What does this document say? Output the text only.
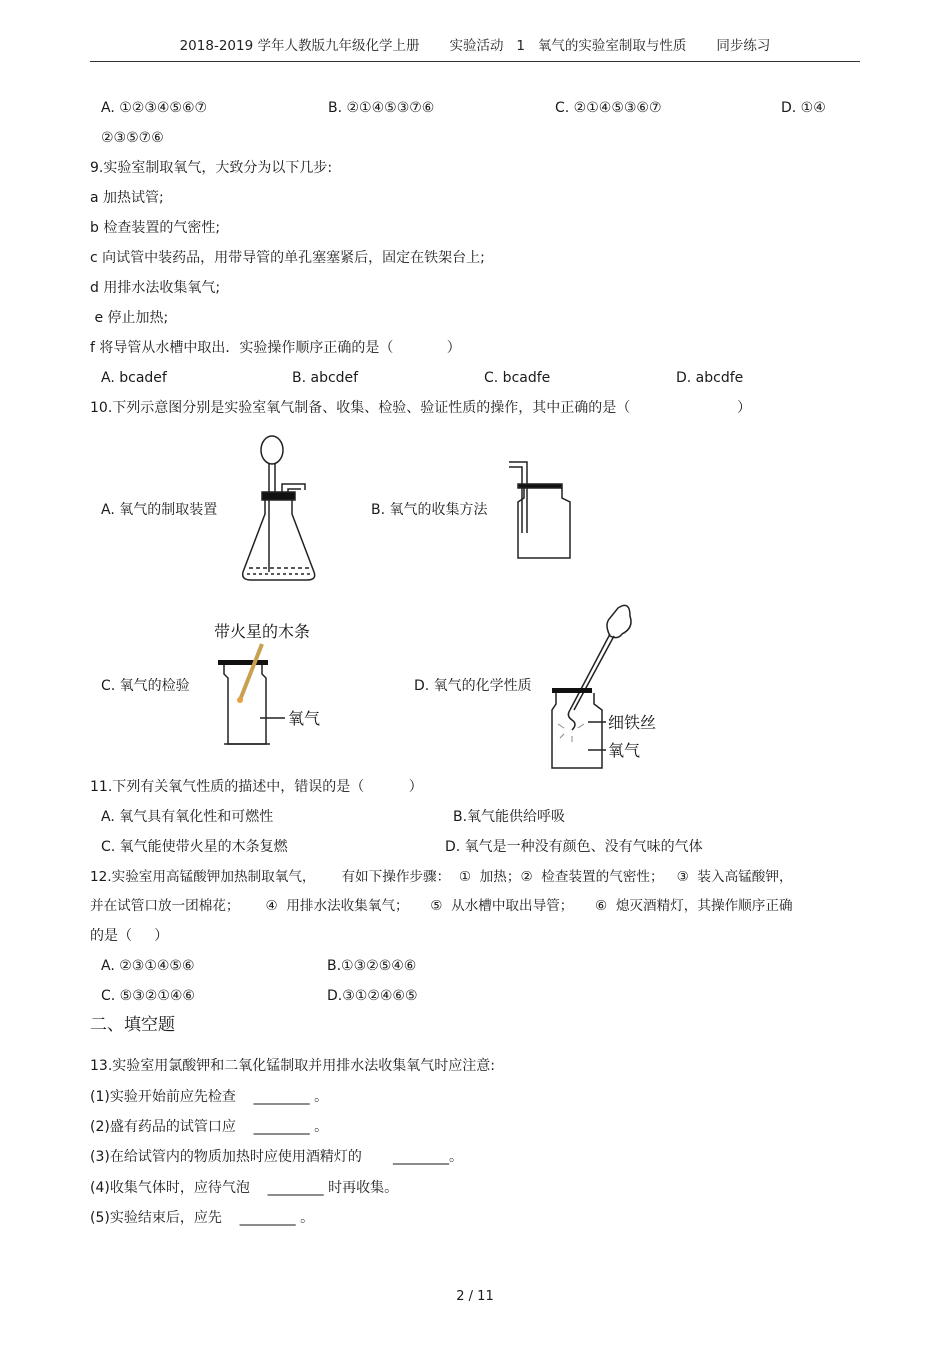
2018-2019 学年人教版九年级化学上册       实验活动   1   氧气的实验室制取与性质       同步练习
A. ①②③④⑤⑥⑦	B. ②①④⑤③⑦⑥	C. ②①④⑤③⑥⑦	D. ①④
②③⑤⑦⑥
9.实验室制取氧气，大致分为以下几步:
a 加热试管;
b 检查装置的气密性;
c 向试管中装药品，用带导管的单孔塞塞紧后，固定在铁架台上;
d 用排水法收集氧气;
e 停止加热;
f 将导管从水槽中取出．实验操作顺序正确的是（            ）
A. bcadef	B. abcdef	C. bcadfe	D. abcdfe
10.下列示意图分别是实验室氧气制备、收集、检验、验证性质的操作，其中正确的是（                        ）
A. 氧气的制取装置	B. 氧气的收集方法
C. 氧气的检验	D. 氧气的化学性质
带火星的木条
氧气	细铁丝
氧气
11.下列有关氧气性质的描述中，错误的是（          ）
A. 氧气具有氧化性和可燃性	B.氧气能供给呼吸
C. 氧气能使带火星的木条复燃	D. 氧气是一种没有颜色、没有气味的气体
12.实验室用高锰酸钾加热制取氧气，      有如下操作步骤：  ①  加热；②  检查装置的气密性；   ③  装入高锰酸钾，
并在试管口放一团棉花；      ④  用排水法收集氧气；     ⑤  从水槽中取出导管；     ⑥  熄灭酒精灯，其操作顺序正确
的是（     ）
A. ②③①④⑤⑥	B.①③②⑤④⑥
C. ⑤③②①④⑥	D.③①②④⑥⑤
二、填空题
13.实验室用氯酸钾和二氧化锰制取并用排水法收集氧气时应注意:
(1)实验开始前应先检查    ________ 。
(2)盛有药品的试管口应    ________ 。
(3)在给试管内的物质加热时应使用酒精灯的       ________。
(4)收集气体时，应待气泡    ________ 时再收集。
(5)实验结束后，应先    ________ 。
2 / 11
